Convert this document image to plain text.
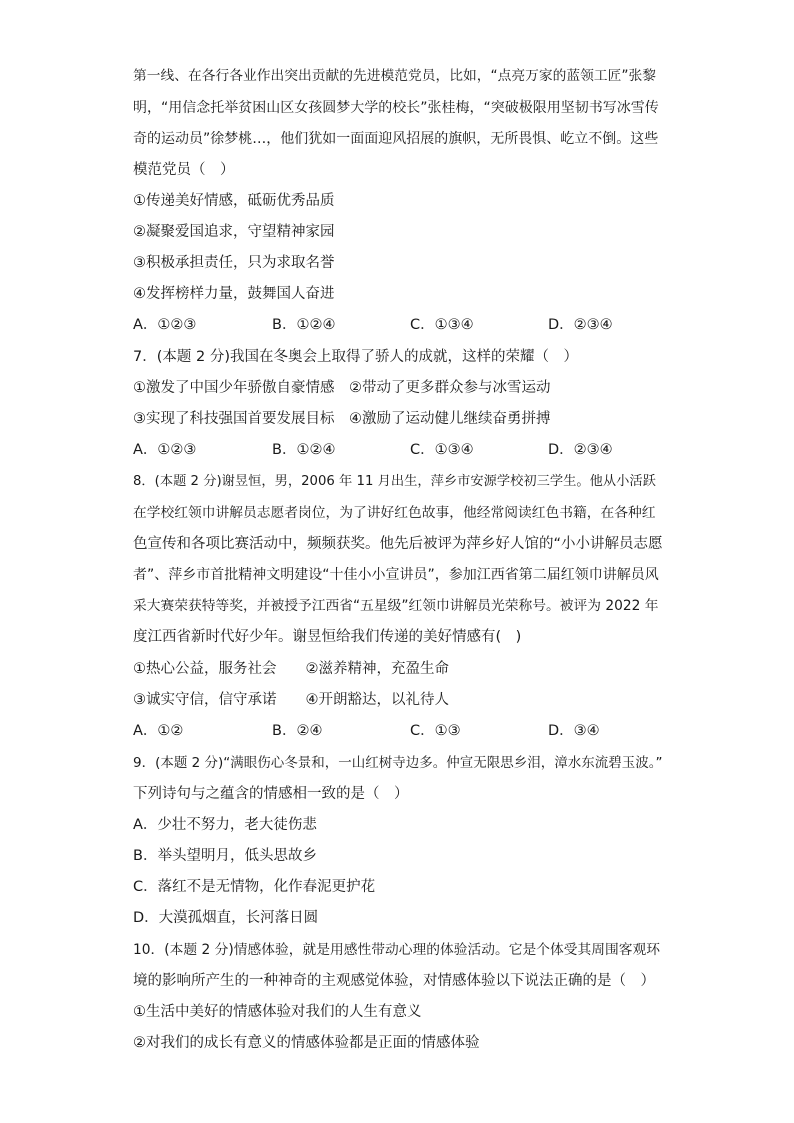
第一线、在各行各业作出突出贡献的先进模范党员，比如，“点亮万家的蓝领工匠”张黎
明，“用信念托举贫困山区女孩圆梦大学的校长”张桂梅，“突破极限用坚韧书写冰雪传
奇的运动员”徐梦桃…，他们犹如一面面迎风招展的旗帜，无所畏惧、屹立不倒。这些
模范党员（　）
①传递美好情感，砥砺优秀品质
②凝聚爱国追求，守望精神家园
③积极承担责任，只为求取名誉
④发挥榜样力量，鼓舞国人奋进
A．①②③	B．①②④	C．①③④	D．②③④
7．(本题 2 分)我国在冬奥会上取得了骄人的成就，这样的荣耀（　）
①激发了中国少年骄傲自豪情感　②带动了更多群众参与冰雪运动
③实现了科技强国首要发展目标　④激励了运动健儿继续奋勇拼搏
A．①②③	B．①②④	C．①③④	D．②③④
8．(本题 2 分)谢昱恒，男，2006 年 11 月出生，萍乡市安源学校初三学生。他从小活跃
在学校红领巾讲解员志愿者岗位，为了讲好红色故事，他经常阅读红色书籍，在各种红
色宣传和各项比赛活动中，频频获奖。他先后被评为萍乡好人馆的“小小讲解员志愿
者”、萍乡市首批精神文明建设“十佳小小宣讲员”，参加江西省第二届红领巾讲解员风
采大赛荣获特等奖，并被授予江西省“五星级”红领巾讲解员光荣称号。被评为 2022 年
度江西省新时代好少年。谢昱恒给我们传递的美好情感有(　)
①热心公益，服务社会　　②滋养精神，充盈生命
③诚实守信，信守承诺　　④开朗豁达，以礼待人
A．①②	B．②④	C．①③	D．③④
9．(本题 2 分)“满眼伤心冬景和，一山红树寺边多。仲宣无限思乡泪，漳水东流碧玉波。”
下列诗句与之蕴含的情感相一致的是（　）
A．少壮不努力，老大徒伤悲
B．举头望明月，低头思故乡
C．落红不是无情物，化作春泥更护花
D．大漠孤烟直，长河落日圆
10．(本题 2 分)情感体验，就是用感性带动心理的体验活动。它是个体受其周围客观环
境的影响所产生的一种神奇的主观感觉体验，对情感体验以下说法正确的是（　）
①生活中美好的情感体验对我们的人生有意义
②对我们的成长有意义的情感体验都是正面的情感体验
